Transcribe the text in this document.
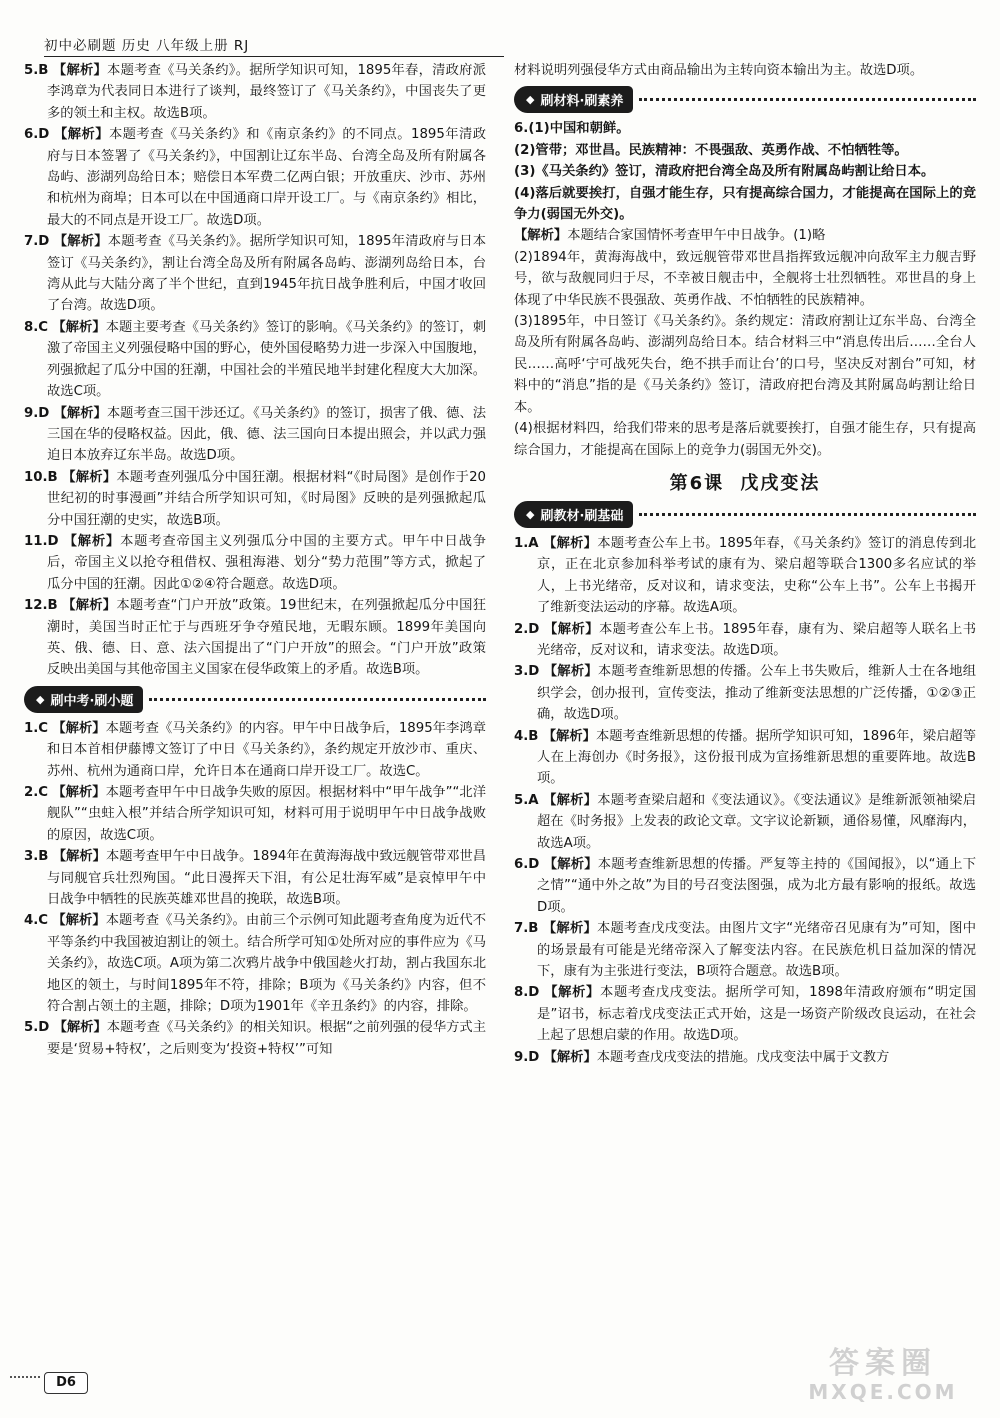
初中必刷题 历史 八年级上册 RJ
5.B 【解析】本题考查《马关条约》。据所学知识可知，1895年春，清政府派李鸿章为代表同日本进行了谈判，最终签订了《马关条约》，中国丧失了更多的领土和主权。故选B项。
6.D 【解析】本题考查《马关条约》和《南京条约》的不同点。1895年清政府与日本签署了《马关条约》，中国割让辽东半岛、台湾全岛及所有附属各岛屿、澎湖列岛给日本；赔偿日本军费二亿两白银；开放重庆、沙市、苏州和杭州为商埠；日本可以在中国通商口岸开设工厂。与《南京条约》相比，最大的不同点是开设工厂。故选D项。
7.D 【解析】本题考查《马关条约》。据所学知识可知，1895年清政府与日本签订《马关条约》，割让台湾全岛及所有附属各岛屿、澎湖列岛给日本，台湾从此与大陆分离了半个世纪，直到1945年抗日战争胜利后，中国才收回了台湾。故选D项。
8.C 【解析】本题主要考查《马关条约》签订的影响。《马关条约》的签订，刺激了帝国主义列强侵略中国的野心，使外国侵略势力进一步深入中国腹地，列强掀起了瓜分中国的狂潮，中国社会的半殖民地半封建化程度大大加深。故选C项。
9.D 【解析】本题考查三国干涉还辽。《马关条约》的签订，损害了俄、德、法三国在华的侵略权益。因此，俄、德、法三国向日本提出照会，并以武力强迫日本放弃辽东半岛。故选D项。
10.B 【解析】本题考查列强瓜分中国狂潮。根据材料“《时局图》是创作于20世纪初的时事漫画”并结合所学知识可知，《时局图》反映的是列强掀起瓜分中国狂潮的史实，故选B项。
11.D 【解析】本题考查帝国主义列强瓜分中国的主要方式。甲午中日战争后，帝国主义以抢夺租借权、强租海港、划分“势力范围”等方式，掀起了瓜分中国的狂潮。因此①②④符合题意。故选D项。
12.B 【解析】本题考查“门户开放”政策。19世纪末，在列强掀起瓜分中国狂潮时，美国当时正忙于与西班牙争夺殖民地，无暇东顾。1899年美国向英、俄、德、日、意、法六国提出了“门户开放”的照会。“门户开放”政策反映出美国与其他帝国主义国家在侵华政策上的矛盾。故选B项。
◆ 刷中考·刷小题
1.C 【解析】本题考查《马关条约》的内容。甲午中日战争后，1895年李鸿章和日本首相伊藤博文签订了中日《马关条约》，条约规定开放沙市、重庆、苏州、杭州为通商口岸，允许日本在通商口岸开设工厂。故选C。
2.C 【解析】本题考查甲午中日战争失败的原因。根据材料中“甲午战争”“北洋舰队”“虫蛀入根”并结合所学知识可知，材料可用于说明甲午中日战争战败的原因，故选C项。
3.B 【解析】本题考查甲午中日战争。1894年在黄海海战中致远舰管带邓世昌与同舰官兵壮烈殉国。“此日漫挥天下泪，有公足壮海军威”是哀悼甲午中日战争中牺牲的民族英雄邓世昌的挽联，故选B项。
4.C 【解析】本题考查《马关条约》。由前三个示例可知此题考查角度为近代不平等条约中我国被迫割让的领土。结合所学可知①处所对应的事件应为《马关条约》，故选C项。A项为第二次鸦片战争中俄国趁火打劫，割占我国东北地区的领土，与时间1895年不符，排除；B项为《马关条约》内容，但不符合割占领土的主题，排除；D项为1901年《辛丑条约》的内容，排除。
5.D 【解析】本题考查《马关条约》的相关知识。根据“之前列强的侵华方式主要是‘贸易+特权’，之后则变为‘投资+特权’”可知
材料说明列强侵华方式由商品输出为主转向资本输出为主。故选D项。
◆ 刷材料·刷素养
6.(1)中国和朝鲜。
(2)管带；邓世昌。民族精神：不畏强敌、英勇作战、不怕牺牲等。
(3)《马关条约》签订，清政府把台湾全岛及所有附属岛屿割让给日本。
(4)落后就要挨打，自强才能生存，只有提高综合国力，才能提高在国际上的竞争力(弱国无外交)。
【解析】本题结合家国情怀考查甲午中日战争。(1)略
(2)1894年，黄海海战中，致远舰管带邓世昌指挥致远舰冲向敌军主力舰吉野号，欲与敌舰同归于尽，不幸被日舰击中，全舰将士壮烈牺牲。邓世昌的身上体现了中华民族不畏强敌、英勇作战、不怕牺牲的民族精神。
(3)1895年，中日签订《马关条约》。条约规定：清政府割让辽东半岛、台湾全岛及所有附属各岛屿、澎湖列岛给日本。结合材料三中“消息传出后……全台人民……高呼‘宁可战死失台，绝不拱手而让台’的口号，坚决反对割台”可知，材料中的“消息”指的是《马关条约》签订，清政府把台湾及其附属岛屿割让给日本。
(4)根据材料四，给我们带来的思考是落后就要挨打，自强才能生存，只有提高综合国力，才能提高在国际上的竞争力(弱国无外交)。
第6课 戊戌变法
◆ 刷教材·刷基础
1.A 【解析】本题考查公车上书。1895年春，《马关条约》签订的消息传到北京，正在北京参加科举考试的康有为、梁启超等联合1300多名应试的举人，上书光绪帝，反对议和，请求变法，史称“公车上书”。公车上书揭开了维新变法运动的序幕。故选A项。
2.D 【解析】本题考查公车上书。1895年春，康有为、梁启超等人联名上书光绪帝，反对议和，请求变法。故选D项。
3.D 【解析】本题考查维新思想的传播。公车上书失败后，维新人士在各地组织学会，创办报刊，宣传变法，推动了维新变法思想的广泛传播，①②③正确，故选D项。
4.B 【解析】本题考查维新思想的传播。据所学知识可知，1896年，梁启超等人在上海创办《时务报》，这份报刊成为宣扬维新思想的重要阵地。故选B项。
5.A 【解析】本题考查梁启超和《变法通议》。《变法通议》是维新派领袖梁启超在《时务报》上发表的政论文章。文字议论新颖，通俗易懂，风靡海内，故选A项。
6.D 【解析】本题考查维新思想的传播。严复等主持的《国闻报》，以“通上下之情”“通中外之故”为目的号召变法图强，成为北方最有影响的报纸。故选D项。
7.B 【解析】本题考查戊戌变法。由图片文字“光绪帝召见康有为”可知，图中的场景最有可能是光绪帝深入了解变法内容。在民族危机日益加深的情况下，康有为主张进行变法，B项符合题意。故选B项。
8.D 【解析】本题考查戊戌变法。据所学可知，1898年清政府颁布“明定国是”诏书，标志着戊戌变法正式开始，这是一场资产阶级改良运动，在社会上起了思想启蒙的作用。故选D项。
9.D 【解析】本题考查戊戌变法的措施。戊戌变法中属于文教方
D6
答案圈
MXQE.COM
